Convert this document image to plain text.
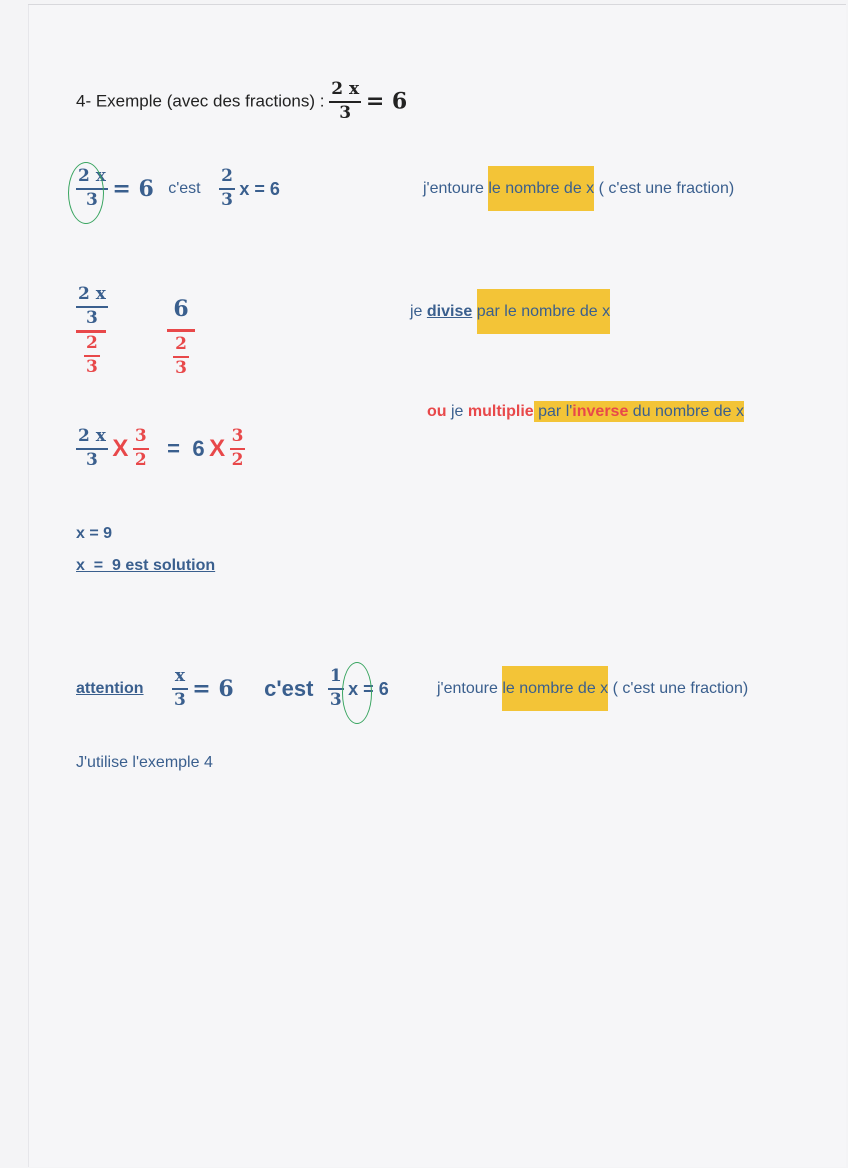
4- Exemple (avec des fractions) : $\frac{2 x}{3} = 6$
$\frac{2 x}{3} = 6$ $c'est \frac{2}{3}$ x = 6	j'entoure le nombre de x ( c'est une fraction)
$\frac{\frac{2 x}{3}}{\frac{2}{3}}$	$\frac{6}{\frac{2}{3}}$	je divise par le nombre de x
ou je multiplie par l'inverse du nombre de x
$\frac{2 x}{3}$ X $\frac{3}{2} = 6$ X $\frac{3}{2}$
x = 9
x  =  9 est solution
attention $\frac{x}{3} = 6$ $c'est \frac{1}{3}$ x = 6	j'entoure le nombre de x ( c'est une fraction)
J'utilise l'exemple 4
